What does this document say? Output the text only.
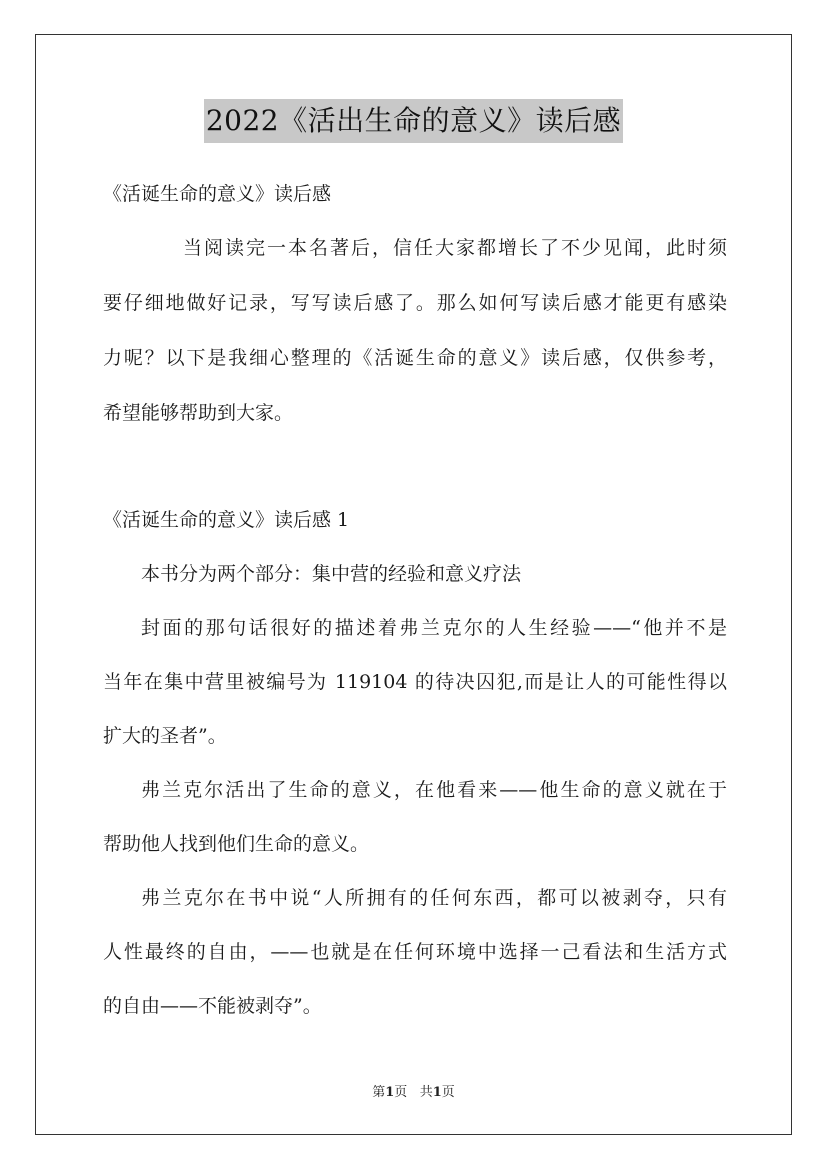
2022《活出生命的意义》读后感
《活诞生命的意义》读后感
当阅读完一本名著后，信任大家都增长了不少见闻，此时须
要仔细地做好记录，写写读后感了。那么如何写读后感才能更有感染
力呢？以下是我细心整理的《活诞生命的意义》读后感，仅供参考，
希望能够帮助到大家。
《活诞生命的意义》读后感 1
本书分为两个部分：集中营的经验和意义疗法
封面的那句话很好的描述着弗兰克尔的人生经验——“他并不是
当年在集中营里被编号为 119104 的待决囚犯,而是让人的可能性得以
扩大的圣者”。
弗兰克尔活出了生命的意义，在他看来——他生命的意义就在于
帮助他人找到他们生命的意义。
弗兰克尔在书中说“人所拥有的任何东西，都可以被剥夺，只有
人性最终的自由，——也就是在任何环境中选择一己看法和生活方式
的自由——不能被剥夺”。
第1页 共1页
